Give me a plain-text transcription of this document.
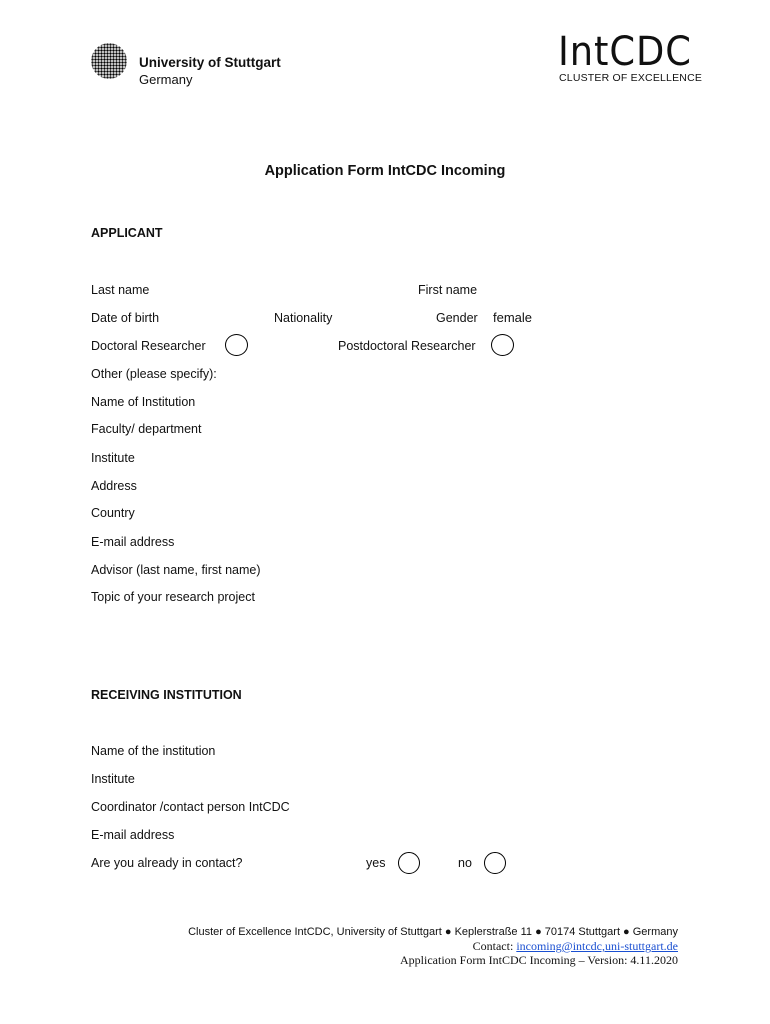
University of Stuttgart
Germany
IntCDC
CLUSTER OF EXCELLENCE
Application Form IntCDC Incoming
APPLICANT
Last name	First name
Date of birth	Nationality	Gender female
Doctoral Researcher	Postdoctoral Researcher
Other (please specify):
Name of Institution
Faculty/ department
Institute
Address
Country
E-mail address
Advisor (last name, first name)
Topic of your research project
RECEIVING INSTITUTION
Name of the institution
Institute
Coordinator /contact person IntCDC
E-mail address
Are you already in contact?	yes	no
Cluster of Excellence IntCDC, University of Stuttgart ● Keplerstraße 11 ● 70174 Stuttgart ● Germany
Contact: incoming@intcdc,uni-stuttgart.de
Application Form IntCDC Incoming – Version: 4.11.2020
